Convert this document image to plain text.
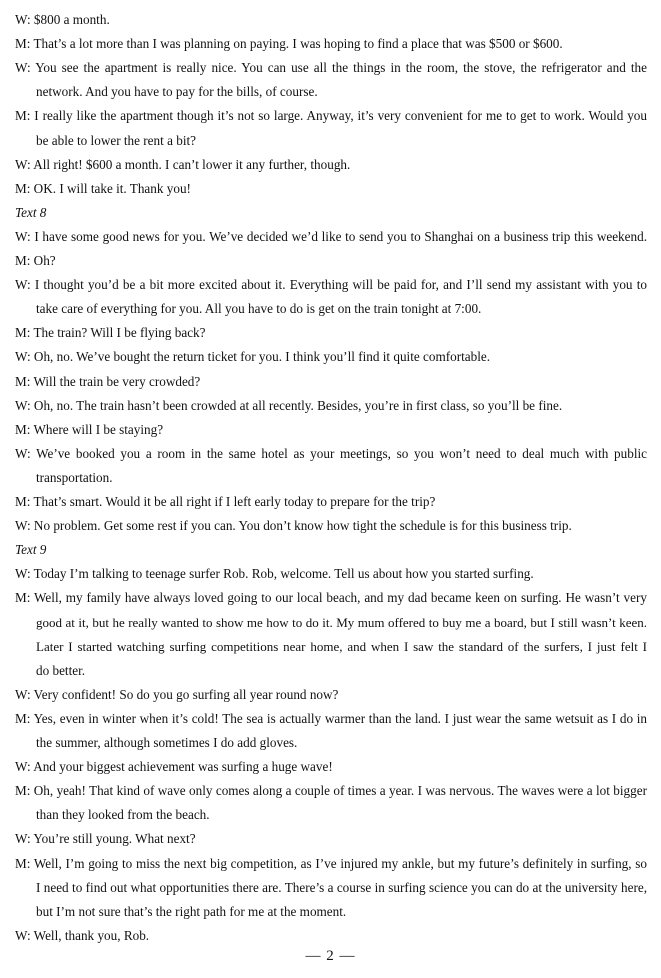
W: $800 a month.
M: That’s a lot more than I was planning on paying. I was hoping to find a place that was $500 or $600.
W: You see the apartment is really nice. You can use all the things in the room, the stove, the refrigerator and the
network. And you have to pay for the bills, of course.
M: I really like the apartment though it’s not so large. Anyway, it’s very convenient for me to get to work. Would you
be able to lower the rent a bit?
W: All right! $600 a month. I can’t lower it any further, though.
M: OK. I will take it. Thank you!
Text 8
W: I have some good news for you. We’ve decided we’d like to send you to Shanghai on a business trip this weekend.
M: Oh?
W: I thought you’d be a bit more excited about it. Everything will be paid for, and I’ll send my assistant with you to
take care of everything for you. All you have to do is get on the train tonight at 7:00.
M: The train? Will I be flying back?
W: Oh, no. We’ve bought the return ticket for you. I think you’ll find it quite comfortable.
M: Will the train be very crowded?
W: Oh, no. The train hasn’t been crowded at all recently. Besides, you’re in first class, so you’ll be fine.
M: Where will I be staying?
W: We’ve booked you a room in the same hotel as your meetings, so you won’t need to deal much with public
transportation.
M: That’s smart. Would it be all right if I left early today to prepare for the trip?
W: No problem. Get some rest if you can. You don’t know how tight the schedule is for this business trip.
Text 9
W: Today I’m talking to teenage surfer Rob. Rob, welcome. Tell us about how you started surfing.
M: Well, my family have always loved going to our local beach, and my dad became keen on surfing. He wasn’t very
good at it, but he really wanted to show me how to do it. My mum offered to buy me a board, but I still wasn’t keen.
Later I started watching surfing competitions near home, and when I saw the standard of the surfers, I just felt I
do better.
W: Very confident! So do you go surfing all year round now?
M: Yes, even in winter when it’s cold! The sea is actually warmer than the land. I just wear the same wetsuit as I do in
the summer, although sometimes I do add gloves.
W: And your biggest achievement was surfing a huge wave!
M: Oh, yeah! That kind of wave only comes along a couple of times a year. I was nervous. The waves were a lot bigger
than they looked from the beach.
W: You’re still young. What next?
M: Well, I’m going to miss the next big competition, as I’ve injured my ankle, but my future’s definitely in surfing, so
I need to find out what opportunities there are. There’s a course in surfing science you can do at the university here,
but I’m not sure that’s the right path for me at the moment.
W: Well, thank you, Rob.
— 2 —
